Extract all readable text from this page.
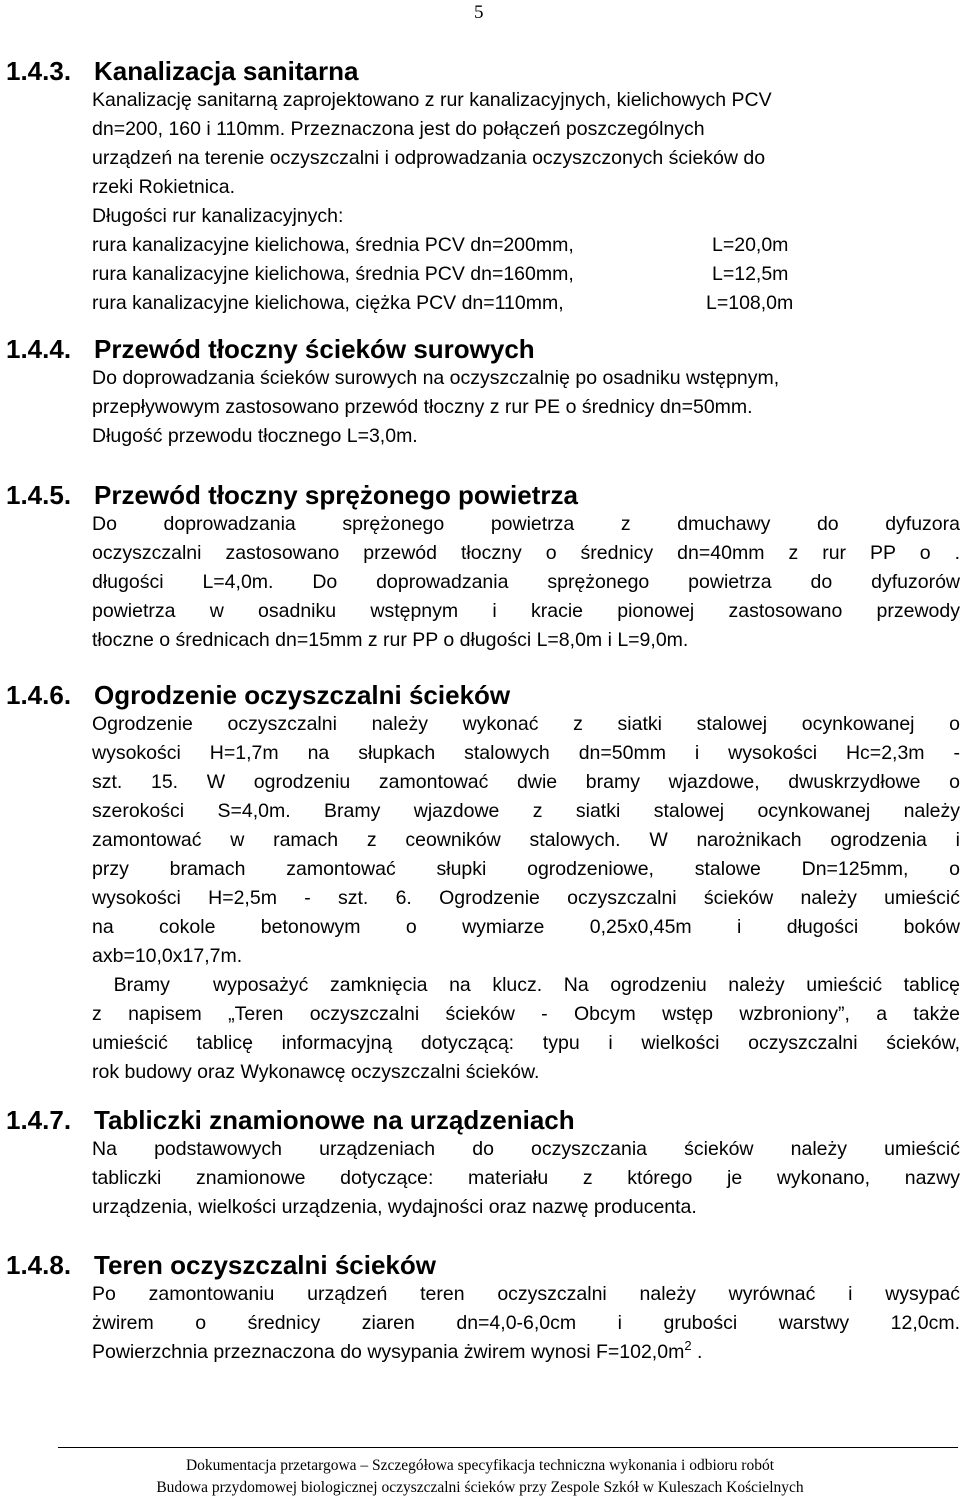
5
1.4.3. Kanalizacja sanitarna
Kanalizację sanitarną zaprojektowano z rur kanalizacyjnych, kielichowych PCV
dn=200, 160 i 110mm. Przeznaczona jest do połączeń poszczególnych
urządzeń na terenie oczyszczalni i odprowadzania oczyszczonych ścieków do
rzeki Rokietnica.
Długości rur kanalizacyjnych:
rura kanalizacyjne kielichowa, średnia PCV dn=200mm,	L=20,0m
rura kanalizacyjne kielichowa, średnia PCV dn=160mm,	L=12,5m
rura kanalizacyjne kielichowa, ciężka PCV dn=110mm,	L=108,0m
1.4.4. Przewód tłoczny ścieków surowych
Do doprowadzania ścieków surowych na oczyszczalnię po osadniku wstępnym,
przepływowym zastosowano przewód tłoczny z rur PE o średnicy dn=50mm.
Długość przewodu tłocznego L=3,0m.
1.4.5. Przewód tłoczny sprężonego powietrza
Do doprowadzania sprężonego powietrza z dmuchawy do dyfuzora
oczyszczalni zastosowano przewód tłoczny o średnicy dn=40mm z rur PP o .
długości L=4,0m. Do doprowadzania sprężonego powietrza do dyfuzorów
powietrza w osadniku wstępnym i kracie pionowej zastosowano przewody
tłoczne o średnicach dn=15mm z rur PP o długości L=8,0m i L=9,0m.
1.4.6. Ogrodzenie oczyszczalni ścieków
Ogrodzenie oczyszczalni należy wykonać z siatki stalowej ocynkowanej o
wysokości H=1,7m na słupkach stalowych dn=50mm i wysokości Hc=2,3m -
szt. 15. W ogrodzeniu zamontować dwie bramy wjazdowe, dwuskrzydłowe o
szerokości S=4,0m. Bramy wjazdowe z siatki stalowej ocynkowanej należy
zamontować w ramach z ceowników stalowych. W narożnikach ogrodzenia i
przy bramach zamontować słupki ogrodzeniowe, stalowe Dn=125mm, o
wysokości H=2,5m - szt. 6. Ogrodzenie oczyszczalni ścieków należy umieścić
na cokole betonowym o wymiarze 0,25x0,45m i długości boków
axb=10,0x17,7m.
Bramy  wyposażyć zamknięcia na klucz. Na ogrodzeniu należy umieścić tablicę
z napisem „Teren oczyszczalni ścieków - Obcym wstęp wzbroniony”, a także
umieścić tablicę informacyjną dotyczącą: typu i wielkości oczyszczalni ścieków,
rok budowy oraz Wykonawcę oczyszczalni ścieków.
1.4.7. Tabliczki znamionowe na urządzeniach
Na podstawowych urządzeniach do oczyszczania ścieków należy umieścić
tabliczki znamionowe dotyczące: materiału z którego je wykonano, nazwy
urządzenia, wielkości urządzenia, wydajności oraz nazwę producenta.
1.4.8. Teren oczyszczalni ścieków
Po zamontowaniu urządzeń teren oczyszczalni należy wyrównać i wysypać
żwirem o średnicy ziaren dn=4,0-6,0cm i grubości warstwy 12,0cm.
Powierzchnia przeznaczona do wysypania żwirem wynosi $F=102,0m^2$ .
Dokumentacja przetargowa – Szczegółowa specyfikacja techniczna wykonania i odbioru robót
Budowa przydomowej biologicznej oczyszczalni ścieków przy Zespole Szkół w Kuleszach Kościelnych
